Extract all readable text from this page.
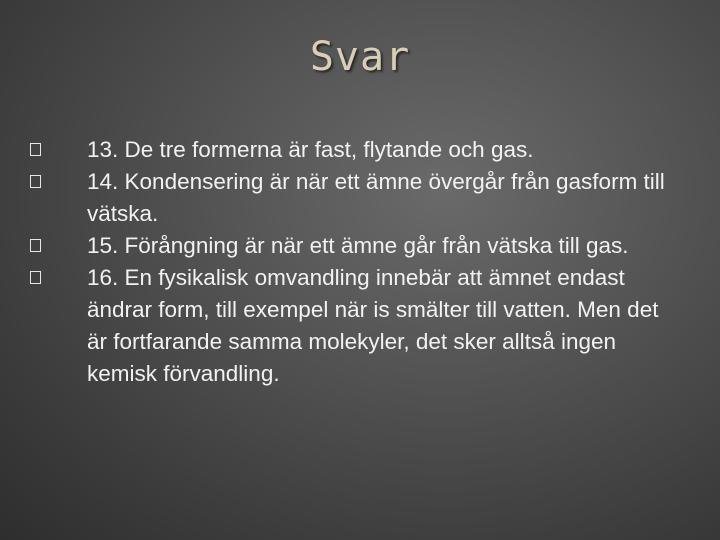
Svar
13. De tre formerna är fast, flytande och gas.
14. Kondensering är när ett ämne övergår från gasform till vätska.
15. Förångning är när ett ämne går från vätska till gas.
16. En fysikalisk omvandling innebär att ämnet endast ändrar form, till exempel när is smälter till vatten. Men det är fortfarande samma molekyler, det sker alltså ingen kemisk förvandling.
